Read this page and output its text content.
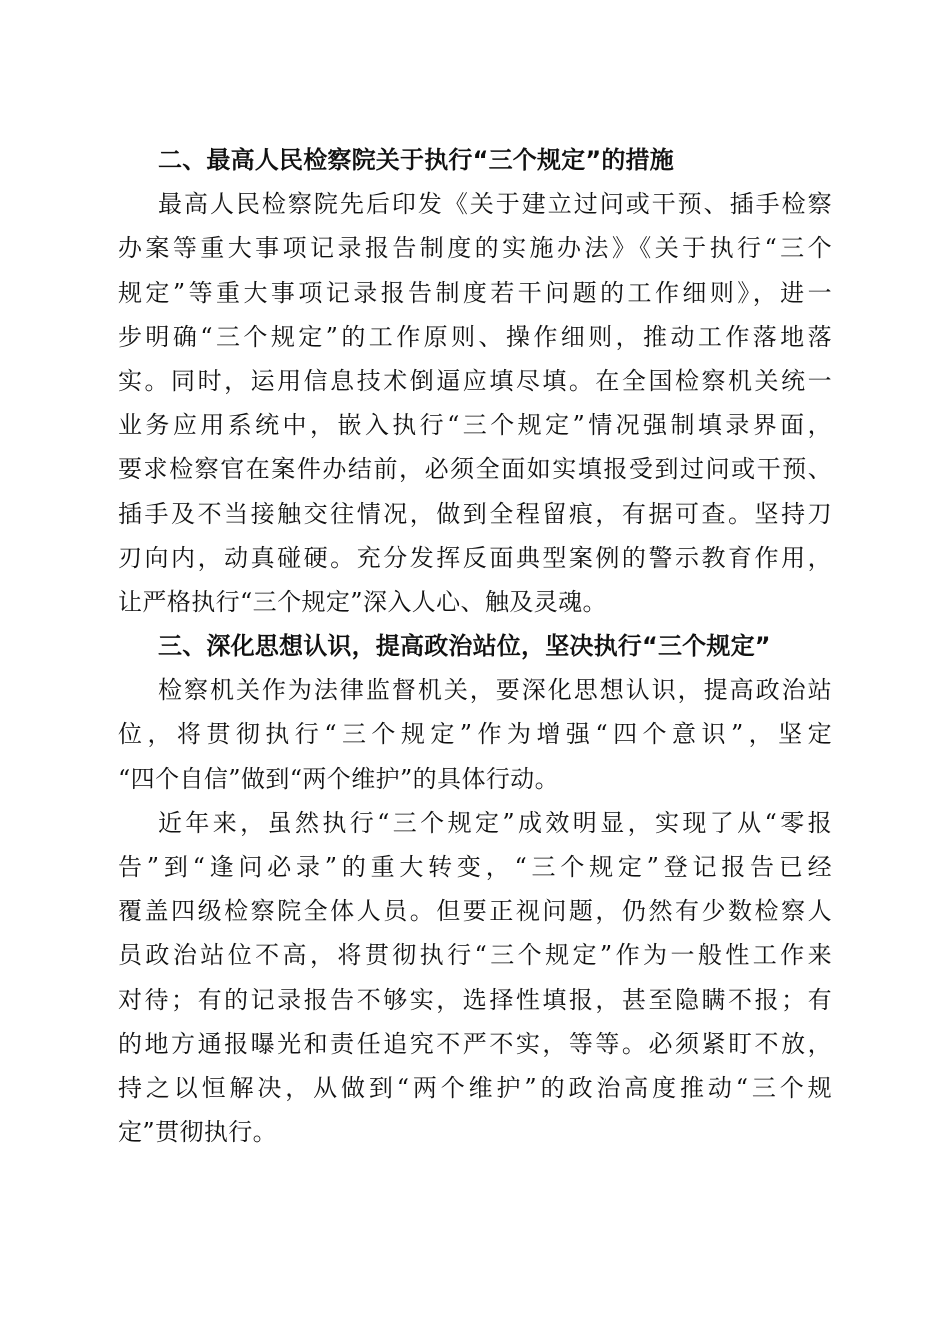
二、最高人民检察院关于执行“三个规定”的措施
最高人民检察院先后印发《关于建立过问或干预、插手检察
办案等重大事项记录报告制度的实施办法》《关于执行“三个
规定”等重大事项记录报告制度若干问题的工作细则》，进一
步明确“三个规定”的工作原则、操作细则，推动工作落地落
实。同时，运用信息技术倒逼应填尽填。在全国检察机关统一
业务应用系统中，嵌入执行“三个规定”情况强制填录界面，
要求检察官在案件办结前，必须全面如实填报受到过问或干预、
插手及不当接触交往情况，做到全程留痕，有据可查。坚持刀
刃向内，动真碰硬。充分发挥反面典型案例的警示教育作用，
让严格执行“三个规定”深入人心、触及灵魂。
三、深化思想认识，提高政治站位，坚决执行“三个规定”
检察机关作为法律监督机关，要深化思想认识，提高政治站
位，将贯彻执行“三个规定”作为增强“四个意识”，坚定
“四个自信”做到“两个维护”的具体行动。
近年来，虽然执行“三个规定”成效明显，实现了从“零报
告”到“逢问必录”的重大转变，“三个规定”登记报告已经
覆盖四级检察院全体人员。但要正视问题，仍然有少数检察人
员政治站位不高，将贯彻执行“三个规定”作为一般性工作来
对待；有的记录报告不够实，选择性填报，甚至隐瞒不报；有
的地方通报曝光和责任追究不严不实，等等。必须紧盯不放，
持之以恒解决，从做到“两个维护”的政治高度推动“三个规
定”贯彻执行。
